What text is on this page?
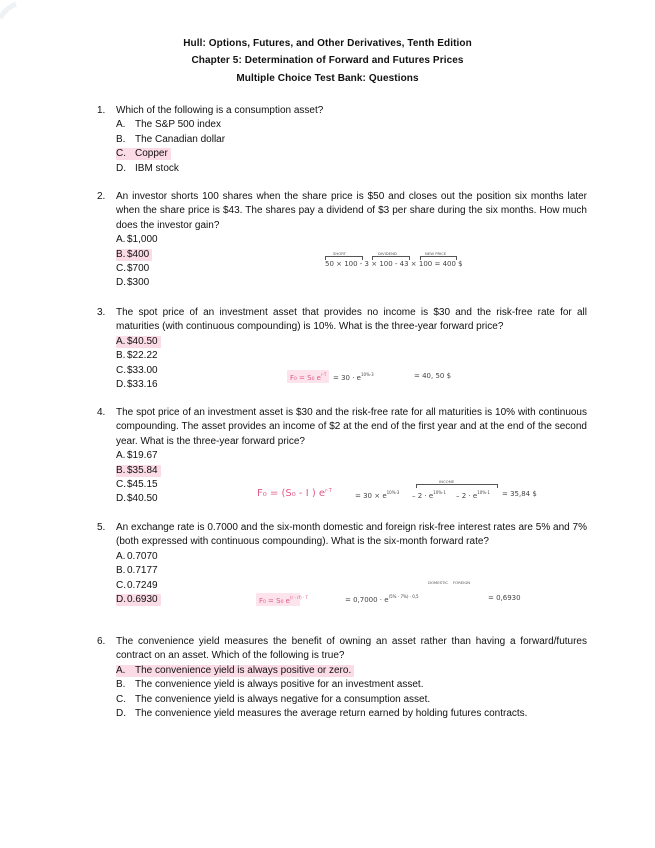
Hull: Options, Futures, and Other Derivatives, Tenth Edition
Chapter 5: Determination of Forward and Futures Prices
Multiple Choice Test Bank: Questions
1. Which of the following is a consumption asset?
A. The S&P 500 index
B. The Canadian dollar
C. Copper
D. IBM stock
2. An investor shorts 100 shares when the share price is $50 and closes out the position six months later when the share price is $43. The shares pay a dividend of $3 per share during the six months. How much does the investor gain?
A. $1,000
B. $400
C.$700
D.$300
SHORT	DIVIDEND	NEW PRICE
50 × 100 - 3 × 100 - 43 × 100 = 400 $
3. The spot price of an investment asset that provides no income is $30 and the risk-free rate for all maturities (with continuous compounding) is 10%. What is the three-year forward price?
A. $40.50
B. $22.22
C.$33.00
D.$33.16
F₀ = S₀ $e^{r\cdot T} = 30 \cdot e^{10\%\cdot 3}$	= 40, 50 $
4. The spot price of an investment asset is $30 and the risk-free rate for all maturities is 10% with continuous compounding. The asset provides an income of $2 at the end of the first year and at the end of the second year. What is the three-year forward price?
A. $19.67
B. $35.84
C.$45.15
D.$40.50
INCOME
F₀ = (S₀ - I ) $e^{r\cdot T}$
= $30 \times e^{10\%\cdot 3} - 2 \cdot e^{10\%\cdot 1} - 2 \cdot e^{10\%\cdot 1} = 35,84$ $
5. An exchange rate is 0.7000 and the six-month domestic and foreign risk-free interest rates are 5% and 7% (both expressed with continuous compounding). What is the six-month forward rate?
A. 0.7070
B. 0.7177
C.0.7249
D.0.6930	F₀ = S₀ $e^{(r - rf) \cdot T}$
DOMESTIC FOREIGN
= $0,7000 \cdot e^{(5\% - 7\%) \cdot 0,5}$	= 0,6930
6. The convenience yield measures the benefit of owning an asset rather than having a forward/futures contract on an asset. Which of the following is true?
A. The convenience yield is always positive or zero.
B. The convenience yield is always positive for an investment asset.
C. The convenience yield is always negative for a consumption asset.
D. The convenience yield measures the average return earned by holding futures contracts.
